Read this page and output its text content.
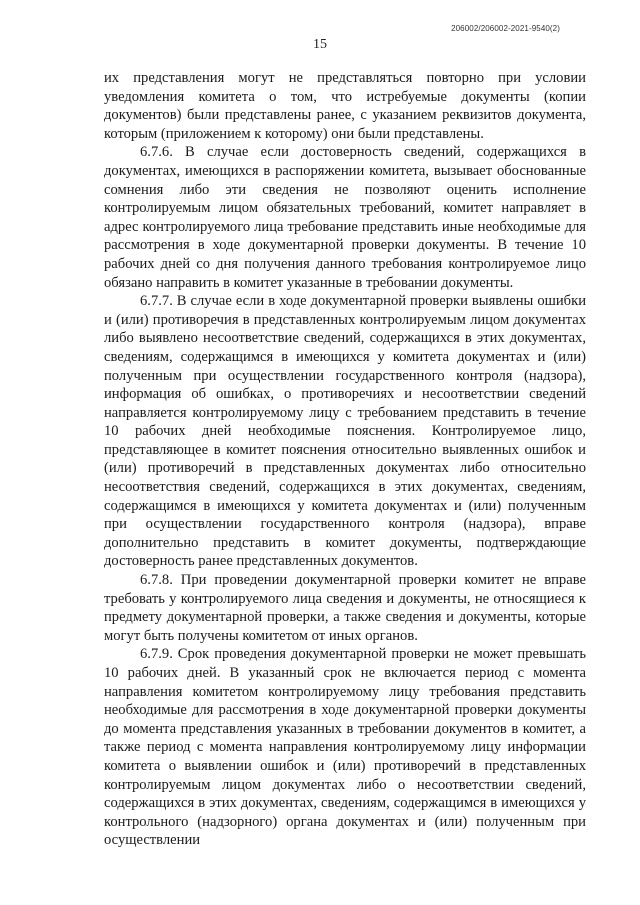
206002/206002-2021-9540(2)
15

их представления могут не представляться повторно при условии уведомления комитета о том, что истребуемые документы (копии документов) были представлены ранее, с указанием реквизитов документа, которым (приложением к которому) они были представлены.

6.7.6. В случае если достоверность сведений, содержащихся в документах, имеющихся в распоряжении комитета, вызывает обоснованные сомнения либо эти сведения не позволяют оценить исполнение контролируемым лицом обязательных требований, комитет направляет в адрес контролируемого лица требование представить иные необходимые для рассмотрения в ходе документарной проверки документы. В течение 10 рабочих дней со дня получения данного требования контролируемое лицо обязано направить в комитет указанные в требовании документы.

6.7.7. В случае если в ходе документарной проверки выявлены ошибки и (или) противоречия в представленных контролируемым лицом документах либо выявлено несоответствие сведений, содержащихся в этих документах, сведениям, содержащимся в имеющихся у комитета документах и (или) полученным при осуществлении государственного контроля (надзора), информация об ошибках, о противоречиях и несоответствии сведений направляется контролируемому лицу с требованием представить в течение 10 рабочих дней необходимые пояснения. Контролируемое лицо, представляющее в комитет пояснения относительно выявленных ошибок и (или) противоречий в представленных документах либо относительно несоответствия сведений, содержащихся в этих документах, сведениям, содержащимся в имеющихся у комитета документах и (или) полученным при осуществлении государственного контроля (надзора), вправе дополнительно представить в комитет документы, подтверждающие достоверность ранее представленных документов.

6.7.8. При проведении документарной проверки комитет не вправе требовать у контролируемого лица сведения и документы, не относящиеся к предмету документарной проверки, а также сведения и документы, которые могут быть получены комитетом от иных органов.

6.7.9. Срок проведения документарной проверки не может превышать 10 рабочих дней. В указанный срок не включается период с момента направления комитетом контролируемому лицу требования представить необходимые для рассмотрения в ходе документарной проверки документы до момента представления указанных в требовании документов в комитет, а также период с момента направления контролируемому лицу информации комитета о выявлении ошибок и (или) противоречий в представленных контролируемым лицом документах либо о несоответствии сведений, содержащихся в этих документах, сведениям, содержащимся в имеющихся у контрольного (надзорного) органа документах и (или) полученным при осуществлении
